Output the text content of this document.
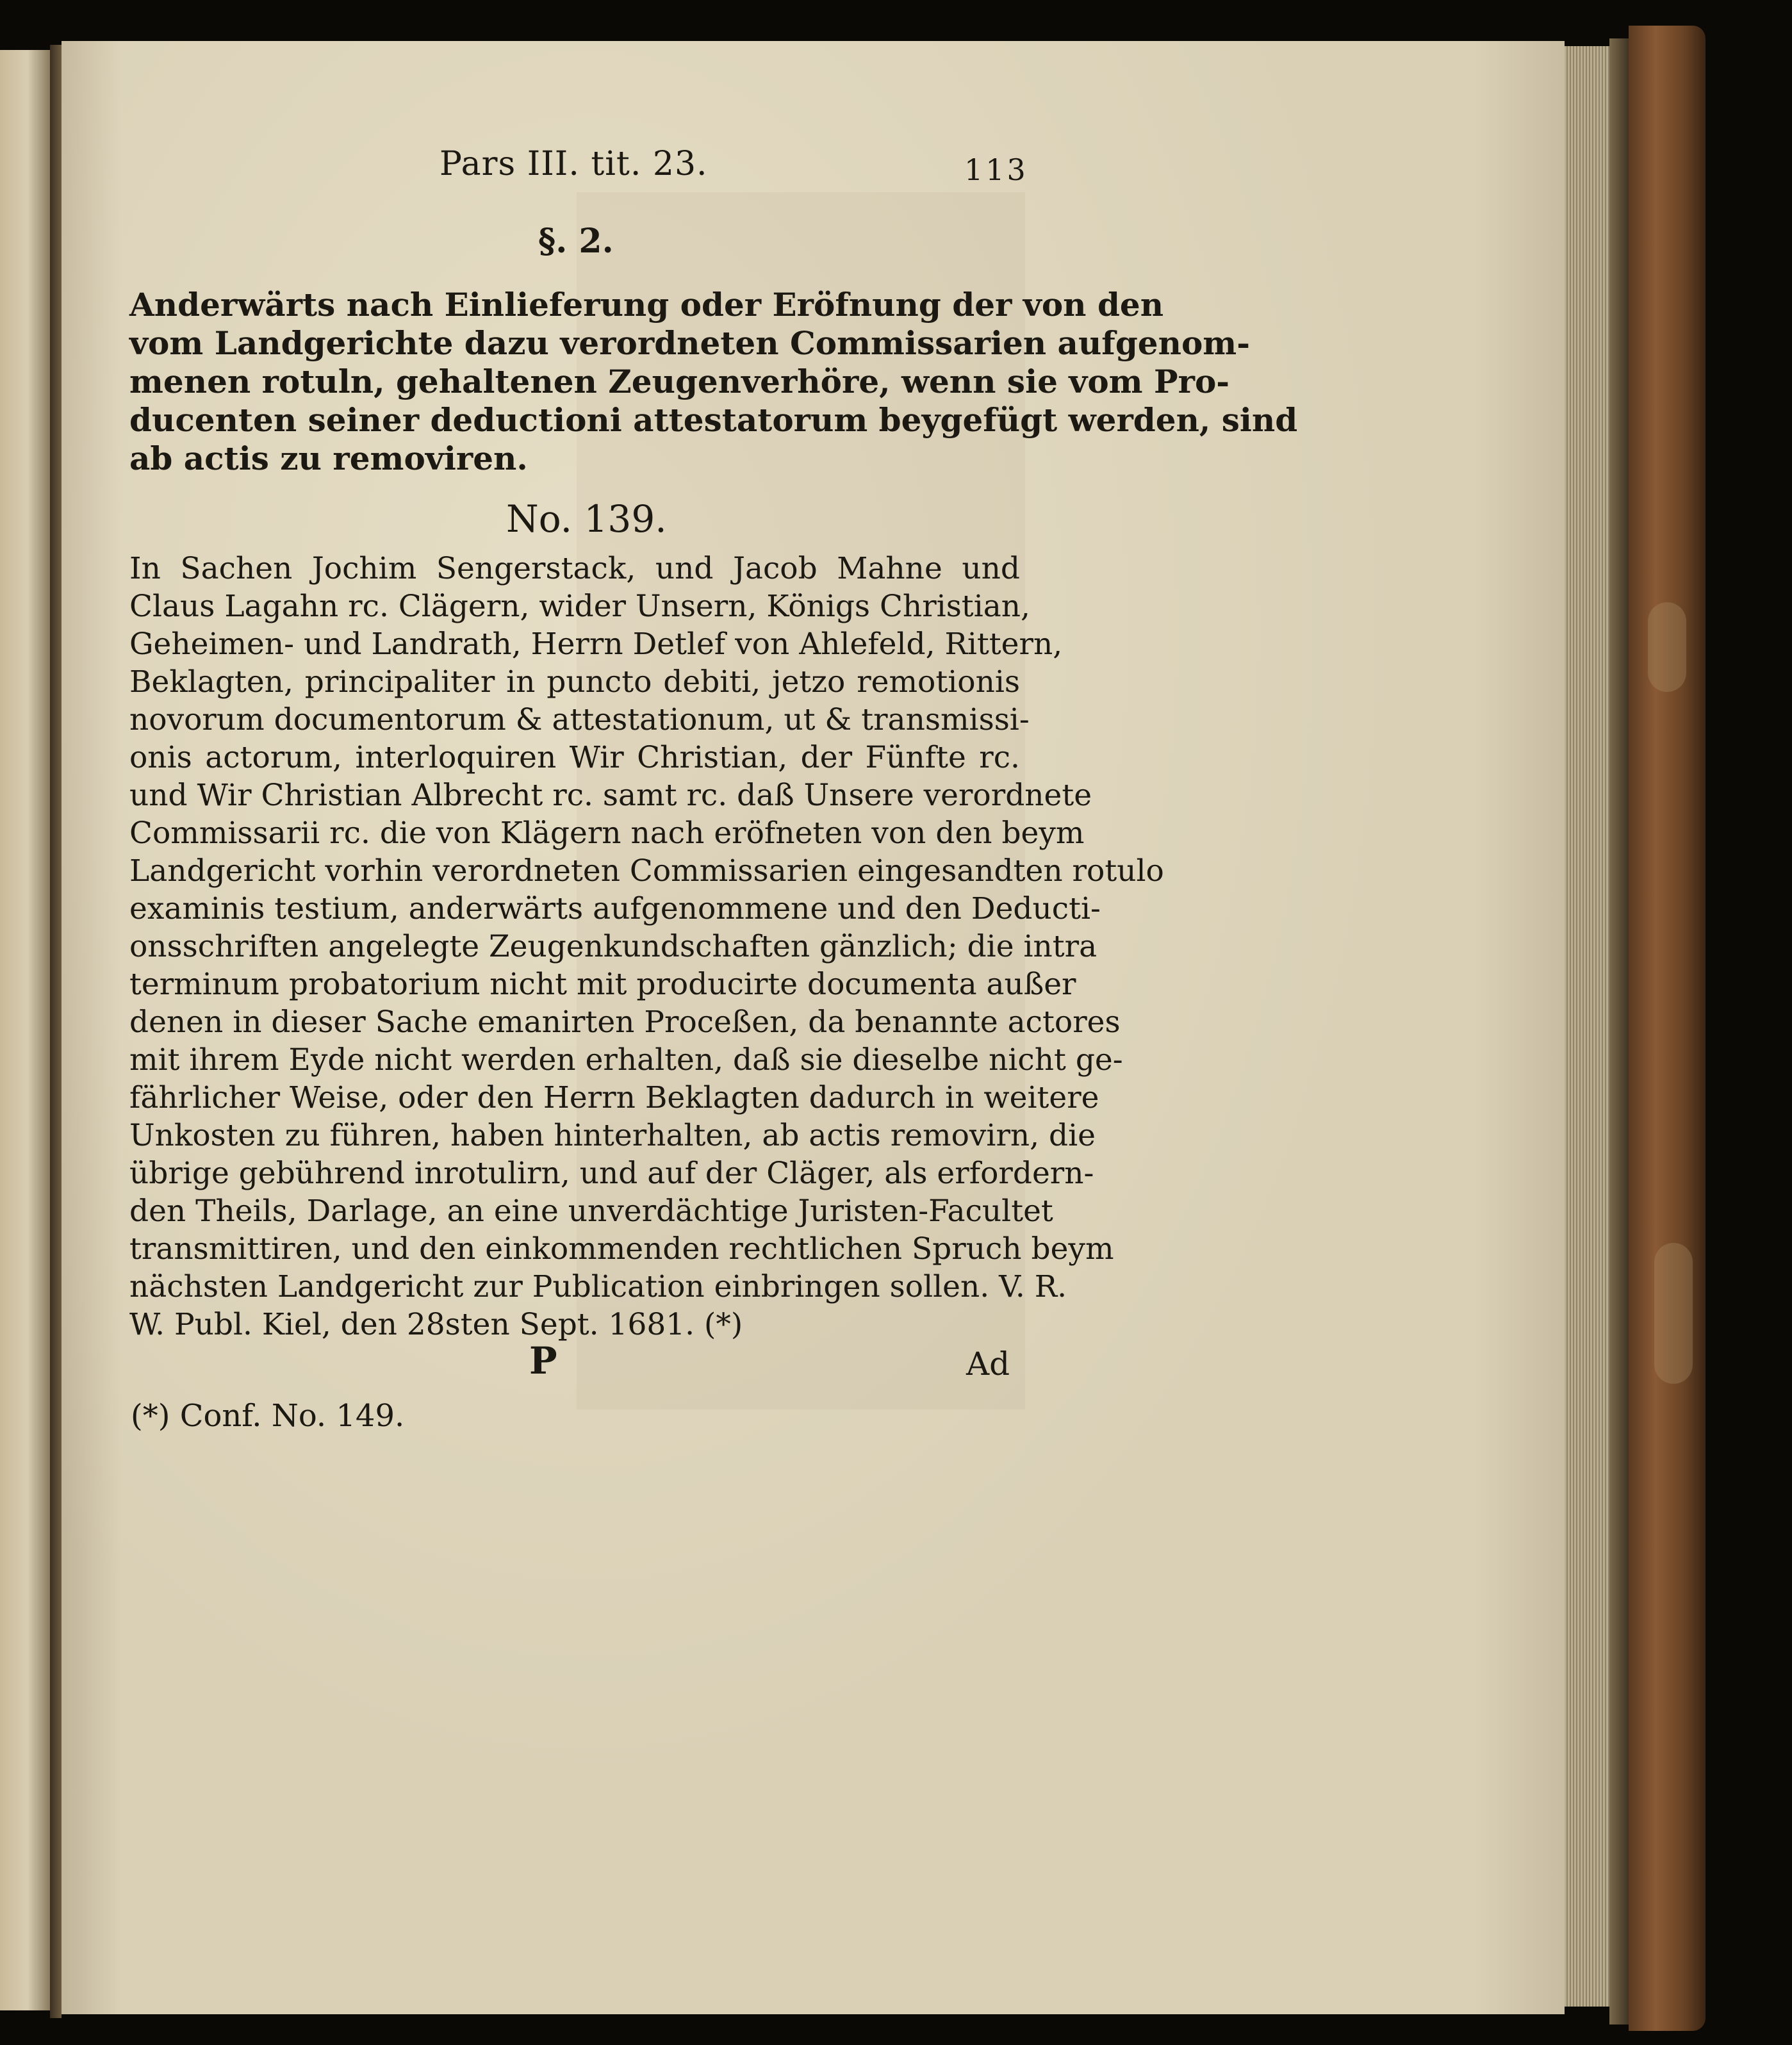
Pars III. tit. 23.	113
§. 2.
Anderwärts nach Einlieferung oder Eröfnung der von den
vom Landgerichte dazu verordneten Commissarien aufgenom-
menen rotuln, gehaltenen Zeugenverhöre, wenn sie vom Pro-
ducenten seiner deductioni attestatorum beygefügt werden, sind
ab actis zu removiren.
No. 139.
In Sachen Jochim Sengerstack, und Jacob Mahne und
Claus Lagahn rc. Clägern, wider Unsern, Königs Christian,
Geheimen- und Landrath, Herrn Detlef von Ahlefeld, Rittern,
Beklagten, principaliter in puncto debiti, jetzo remotionis
novorum documentorum & attestationum, ut & transmissi-
onis actorum, interloquiren Wir Christian, der Fünfte rc.
und Wir Christian Albrecht rc. samt rc. daß Unsere verordnete
Commissarii rc. die von Klägern nach eröfneten von den beym
Landgericht vorhin verordneten Commissarien eingesandten rotulo
examinis testium, anderwärts aufgenommene und den Deducti-
onsschriften angelegte Zeugenkundschaften gänzlich; die intra
terminum probatorium nicht mit producirte documenta außer
denen in dieser Sache emanirten Proceßen, da benannte actores
mit ihrem Eyde nicht werden erhalten, daß sie dieselbe nicht ge-
fährlicher Weise, oder den Herrn Beklagten dadurch in weitere
Unkosten zu führen, haben hinterhalten, ab actis removirn, die
übrige gebührend inrotulirn, und auf der Cläger, als erfordern-
den Theils, Darlage, an eine unverdächtige Juristen-Facultet
transmittiren, und den einkommenden rechtlichen Spruch beym
nächsten Landgericht zur Publication einbringen sollen. V. R.
W. Publ. Kiel, den 28sten Sept. 1681. (*)
P	Ad
(*) Conf. No. 149.
